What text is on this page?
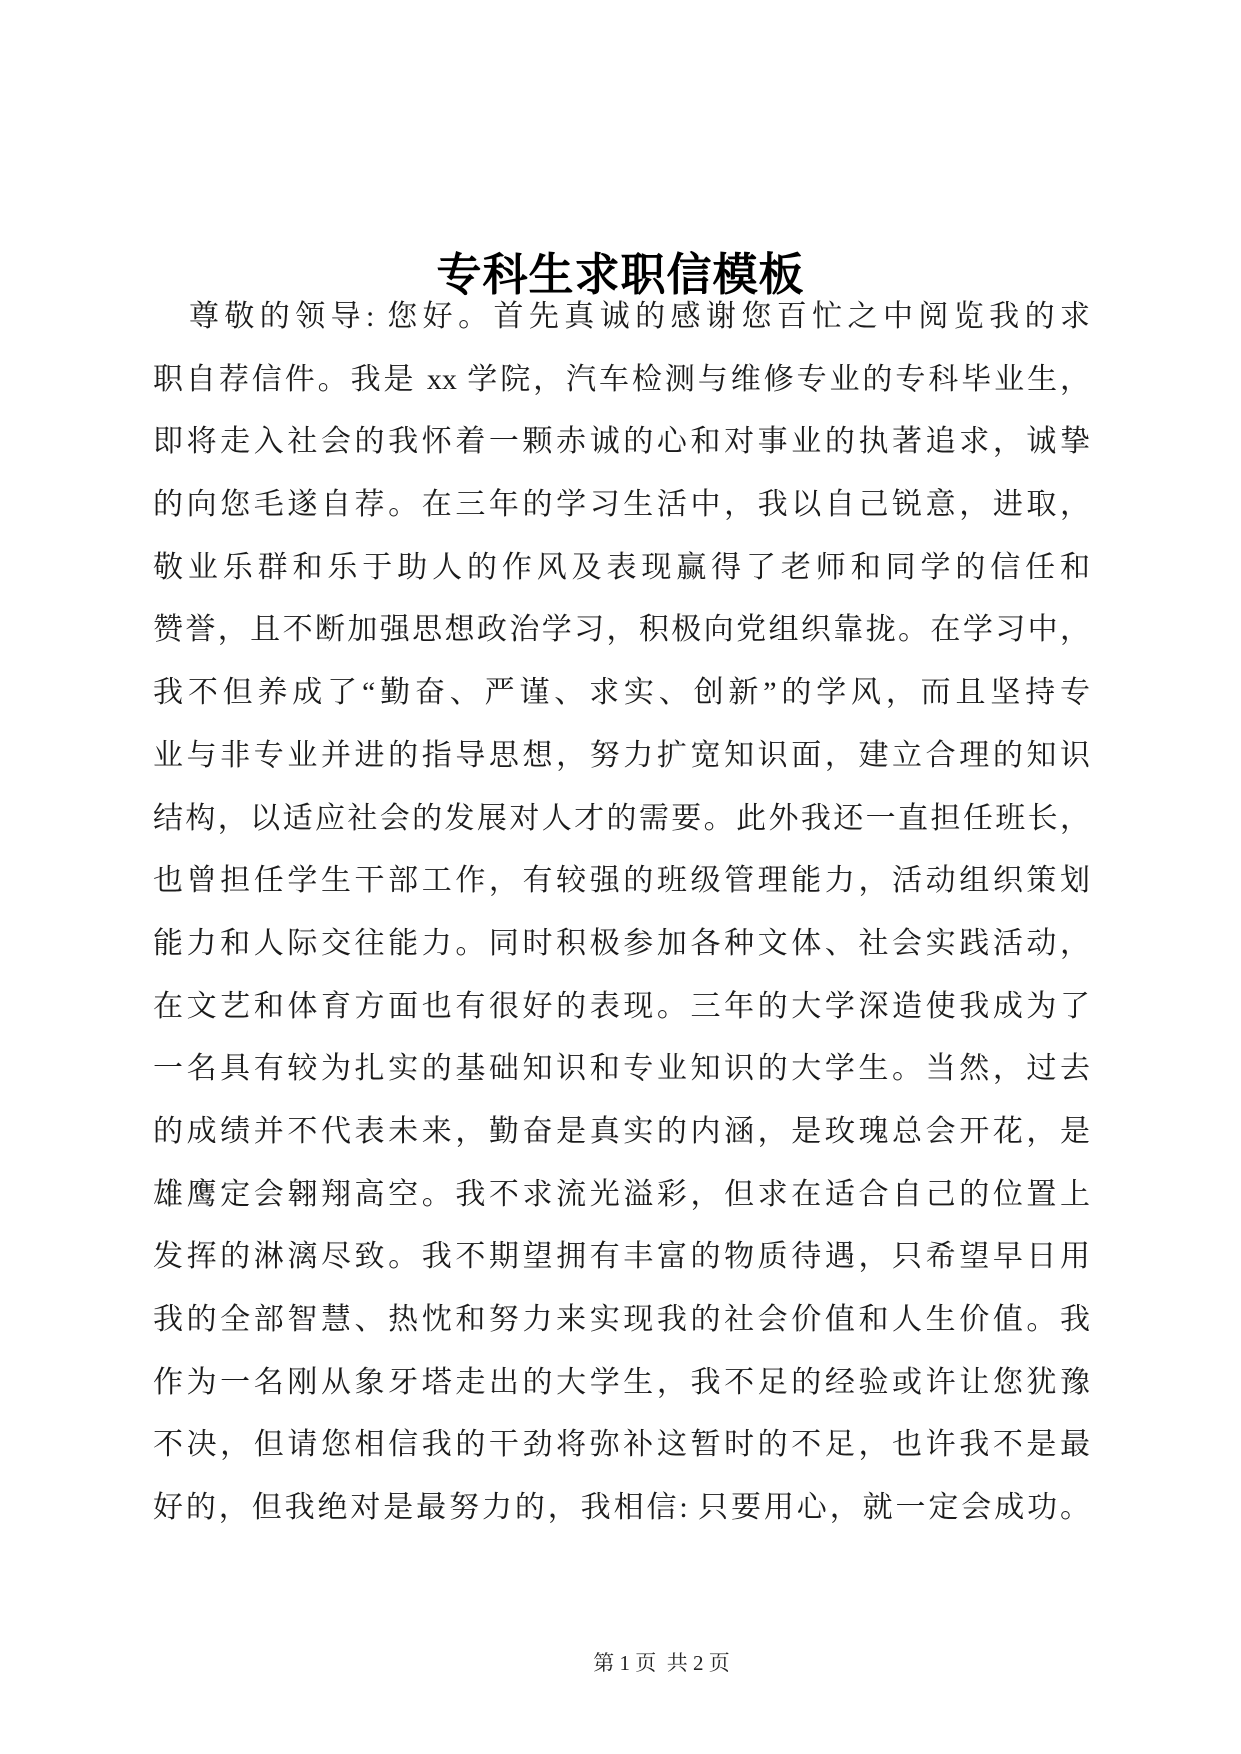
专科生求职信模板
尊敬的领导: 您好。首先真诚的感谢您百忙之中阅览我的求
职自荐信件。我是 xx 学院，汽车检测与维修专业的专科毕业生，
即将走入社会的我怀着一颗赤诚的心和对事业的执著追求，诚挚
的向您毛遂自荐。在三年的学习生活中，我以自己锐意，进取，
敬业乐群和乐于助人的作风及表现赢得了老师和同学的信任和
赞誉，且不断加强思想政治学习，积极向党组织靠拢。在学习中，
我不但养成了“勤奋、严谨、求实、创新”的学风，而且坚持专
业与非专业并进的指导思想，努力扩宽知识面，建立合理的知识
结构，以适应社会的发展对人才的需要。此外我还一直担任班长，
也曾担任学生干部工作，有较强的班级管理能力，活动组织策划
能力和人际交往能力。同时积极参加各种文体、社会实践活动，
在文艺和体育方面也有很好的表现。三年的大学深造使我成为了
一名具有较为扎实的基础知识和专业知识的大学生。当然，过去
的成绩并不代表未来，勤奋是真实的内涵，是玫瑰总会开花，是
雄鹰定会翱翔高空。我不求流光溢彩，但求在适合自己的位置上
发挥的淋漓尽致。我不期望拥有丰富的物质待遇，只希望早日用
我的全部智慧、热忱和努力来实现我的社会价值和人生价值。我
作为一名刚从象牙塔走出的大学生，我不足的经验或许让您犹豫
不决，但请您相信我的干劲将弥补这暂时的不足，也许我不是最
好的，但我绝对是最努力的，我相信: 只要用心，就一定会成功。

第 1 页  共 2 页
